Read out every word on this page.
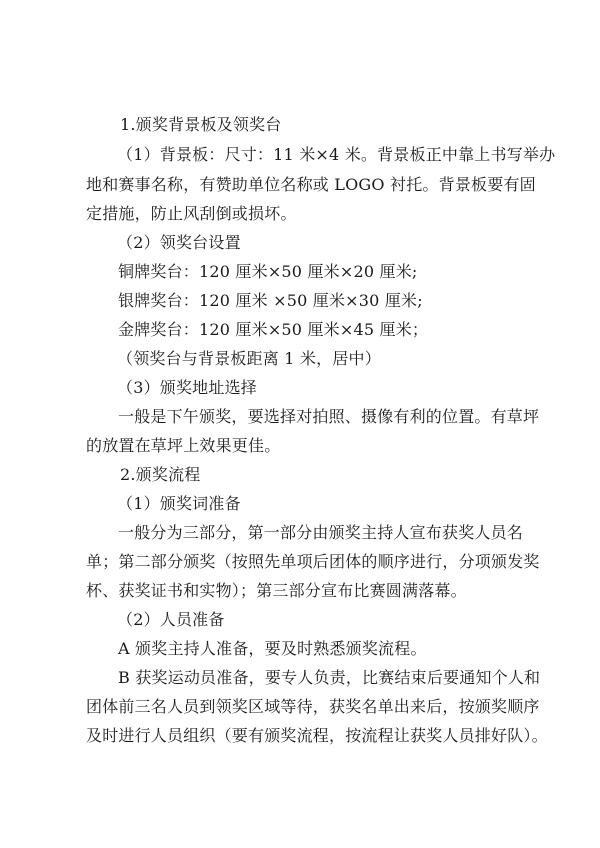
1.颁奖背景板及领奖台
（1）背景板：尺寸：11 米×4 米。背景板正中靠上书写举办
地和赛事名称，有赞助单位名称或 LOGO 衬托。背景板要有固
定措施，防止风刮倒或损坏。
（2）领奖台设置
铜牌奖台：120 厘米×50 厘米×20 厘米;
银牌奖台：120 厘米 ×50 厘米×30 厘米;
金牌奖台：120 厘米×50 厘米×45 厘米；
（领奖台与背景板距离 1 米，居中）
（3）颁奖地址选择
一般是下午颁奖，要选择对拍照、摄像有利的位置。有草坪
的放置在草坪上效果更佳。
2.颁奖流程
（1）颁奖词准备
一般分为三部分，第一部分由颁奖主持人宣布获奖人员名
单；第二部分颁奖（按照先单项后团体的顺序进行，分项颁发奖
杯、获奖证书和实物）；第三部分宣布比赛圆满落幕。
（2）人员准备
A 颁奖主持人准备，要及时熟悉颁奖流程。
B 获奖运动员准备，要专人负责，比赛结束后要通知个人和
团体前三名人员到领奖区域等待，获奖名单出来后，按颁奖顺序
及时进行人员组织（要有颁奖流程，按流程让获奖人员排好队）。
